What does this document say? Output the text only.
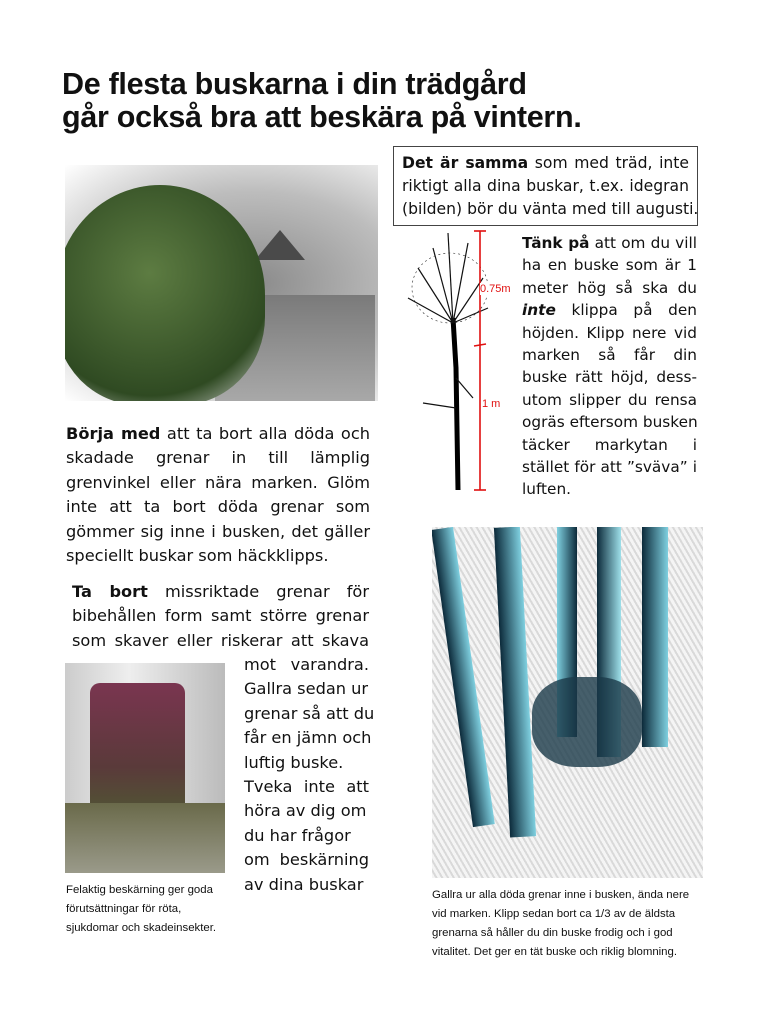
De flesta buskarna i din trädgård
går också bra att beskära på vintern.
Det är samma som med träd, inte
riktigt alla dina buskar, t.ex. idegran
(bilden) bör du vänta med till augusti.
0.75m
1 m
Tänk på att om du vill
ha en buske som är 1
meter hög så ska du
inte klippa på den
höjden. Klipp nere vid
marken så får din
buske rätt höjd, dess-
utom slipper du rensa
ogräs eftersom busken
täcker markytan i
stället för att ”sväva” i
luften.
Börja med att ta bort alla döda och
skadade grenar in till lämplig
grenvinkel eller nära marken. Glöm
inte att ta bort döda grenar som
gömmer sig inne i busken, det gäller
speciellt buskar som häckklipps.
Ta bort missriktade grenar för
bibehållen form samt större grenar
som skaver eller riskerar att skava
mot varandra.
Gallra sedan ur
grenar så att du
får en jämn och
luftig buske.
Tveka inte att
höra av dig om
du har frågor
om beskärning
av dina buskar
Felaktig beskärning ger goda
förutsättningar för röta,
sjukdomar och skadeinsekter.
Gallra ur alla döda grenar inne i busken, ända nere
vid marken. Klipp sedan bort ca 1/3 av de äldsta
grenarna så håller du din buske frodig och i god
vitalitet. Det ger en tät buske och riklig blomning.
